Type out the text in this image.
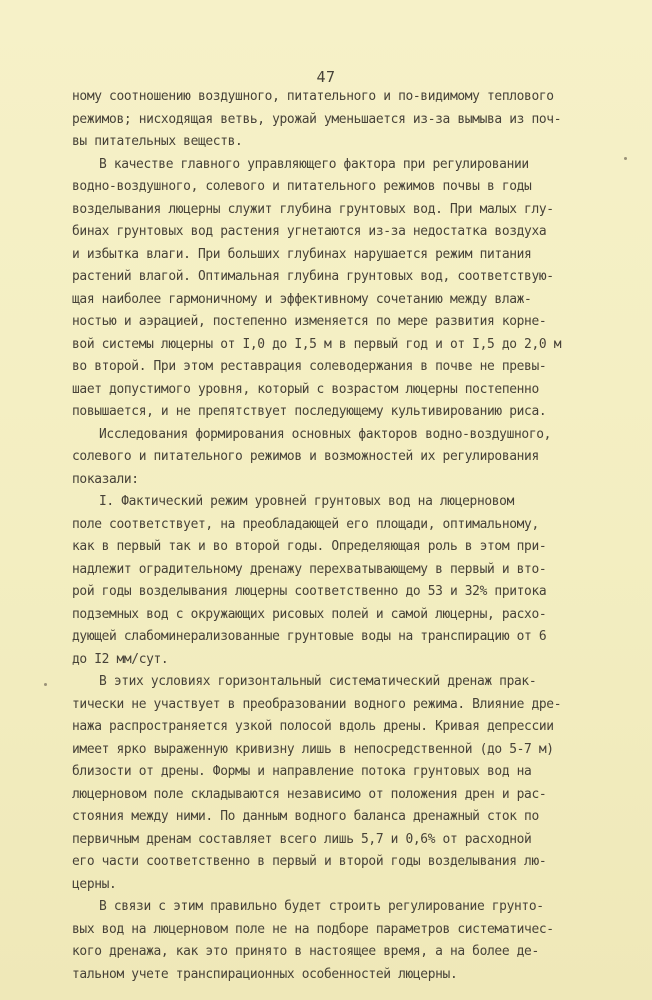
47
ному соотношению воздушного, питательного и по-видимому теплового
режимов; нисходящая ветвь, урожай уменьшается из-за вымыва из поч-
вы питательных веществ.
В качестве главного управляющего фактора при регулировании
водно-воздушного, солевого и питательного режимов почвы в годы
возделывания люцерны служит глубина грунтовых вод. При малых глу-
бинах грунтовых вод растения угнетаются из-за недостатка воздуха
и избытка влаги. При больших глубинах нарушается режим питания
растений влагой. Оптимальная глубина грунтовых вод, соответствую-
щая наиболее гармоничному и эффективному сочетанию между влаж-
ностью и аэрацией, постепенно изменяется по мере развития корне-
вой системы люцерны от I,0 до I,5 м в первый год и от I,5 до 2,0 м
во второй. При этом реставрация солеводержания в почве не превы-
шает допустимого уровня, который с возрастом люцерны постепенно
повышается, и не препятствует последующему культивированию риса.
Исследования формирования основных факторов водно-воздушного,
солевого и питательного режимов и возможностей их регулирования
показали:
I. Фактический режим уровней грунтовых вод на люцерновом
поле соответствует, на преобладающей его площади, оптимальному,
как в первый так и во второй годы. Определяющая роль в этом при-
надлежит оградительному дренажу перехватывающему в первый и вто-
рой годы возделывания люцерны соответственно до 53 и 32% притока
подземных вод с окружающих рисовых полей и самой люцерны, расхо-
дующей слабоминерализованные грунтовые воды на транспирацию от 6
до I2 мм/сут.
В этих условиях горизонтальный систематический дренаж прак-
тически не участвует в преобразовании водного режима. Влияние дре-
нажа распространяется узкой полосой вдоль дрены. Кривая депрессии
имеет ярко выраженную кривизну лишь в непосредственной (до 5-7 м)
близости от дрены. Формы и направление потока грунтовых вод на
люцерновом поле складываются независимо от положения дрен и рас-
стояния между ними. По данным водного баланса дренажный сток по
первичным дренам составляет всего лишь 5,7 и 0,6% от расходной
его части соответственно в первый и второй годы возделывания лю-
церны.
В связи с этим правильно будет строить регулирование грунто-
вых вод на люцерновом поле не на подборе параметров систематичес-
кого дренажа, как это принято в настоящее время, а на более де-
тальном учете транспирационных особенностей люцерны.
